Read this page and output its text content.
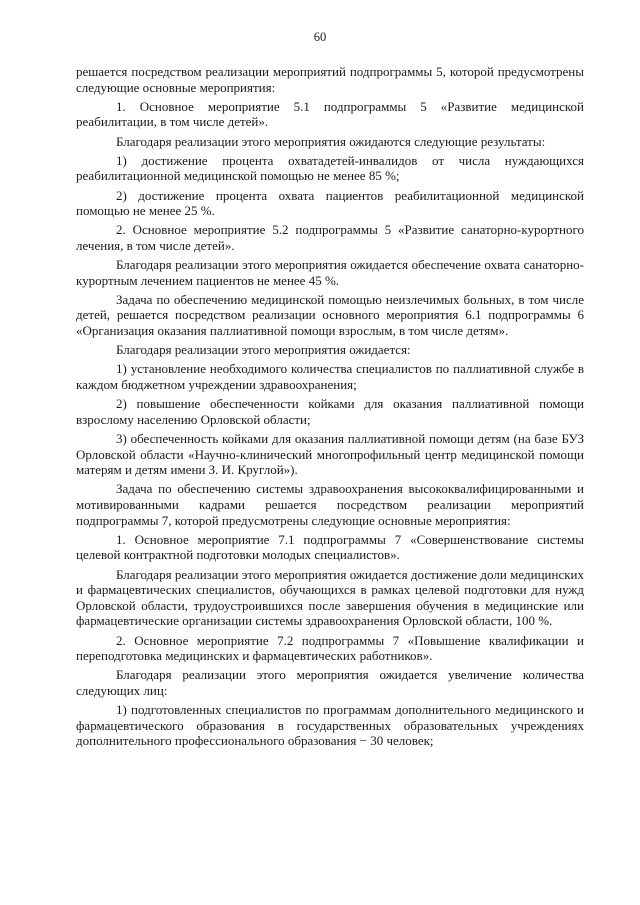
60

решается посредством реализации мероприятий подпрограммы 5, которой предусмотрены следующие основные мероприятия:

1. Основное мероприятие 5.1 подпрограммы 5 «Развитие медицинской реабилитации, в том числе детей».

Благодаря реализации этого мероприятия ожидаются следующие результаты:

1) достижение процента охватадетей-инвалидов от числа нуждающихся реабилитационной медицинской помощью не менее 85 %;

2) достижение процента охвата пациентов реабилитационной медицинской помощью не менее 25 %.

2. Основное мероприятие 5.2 подпрограммы 5 «Развитие санаторно-курортного лечения, в том числе детей».

Благодаря реализации этого мероприятия ожидается обеспечение охвата санаторно-курортным лечением пациентов не менее 45 %.

Задача по обеспечению медицинской помощью неизлечимых больных, в том числе детей, решается посредством реализации основного мероприятия 6.1 подпрограммы 6 «Организация оказания паллиативной помощи взрослым, в том числе детям».

Благодаря реализации этого мероприятия ожидается:

1) установление необходимого количества специалистов по паллиативной службе в каждом бюджетном учреждении здравоохранения;

2) повышение обеспеченности койками для оказания паллиативной помощи взрослому населению Орловской области;

3) обеспеченность койками для оказания паллиативной помощи детям (на базе БУЗ Орловской области «Научно-клинический многопрофильный центр медицинской помощи матерям и детям имени З. И. Круглой»).

Задача по обеспечению системы здравоохранения высококвалифицированными и мотивированными кадрами решается посредством реализации мероприятий подпрограммы 7, которой предусмотрены следующие основные мероприятия:

1. Основное мероприятие 7.1 подпрограммы 7 «Совершенствование системы целевой контрактной подготовки молодых специалистов».

Благодаря реализации этого мероприятия ожидается достижение доли медицинских и фармацевтических специалистов, обучающихся в рамках целевой подготовки для нужд Орловской области, трудоустроившихся после завершения обучения в медицинские или фармацевтические организации системы здравоохранения Орловской области, 100 %.

2. Основное мероприятие 7.2 подпрограммы 7 «Повышение квалификации и переподготовка медицинских и фармацевтических работников».

Благодаря реализации этого мероприятия ожидается увеличение количества следующих лиц:

1) подготовленных специалистов по программам дополнительного медицинского и фармацевтического образования в государственных образовательных учреждениях дополнительного профессионального образования − 30 человек;
